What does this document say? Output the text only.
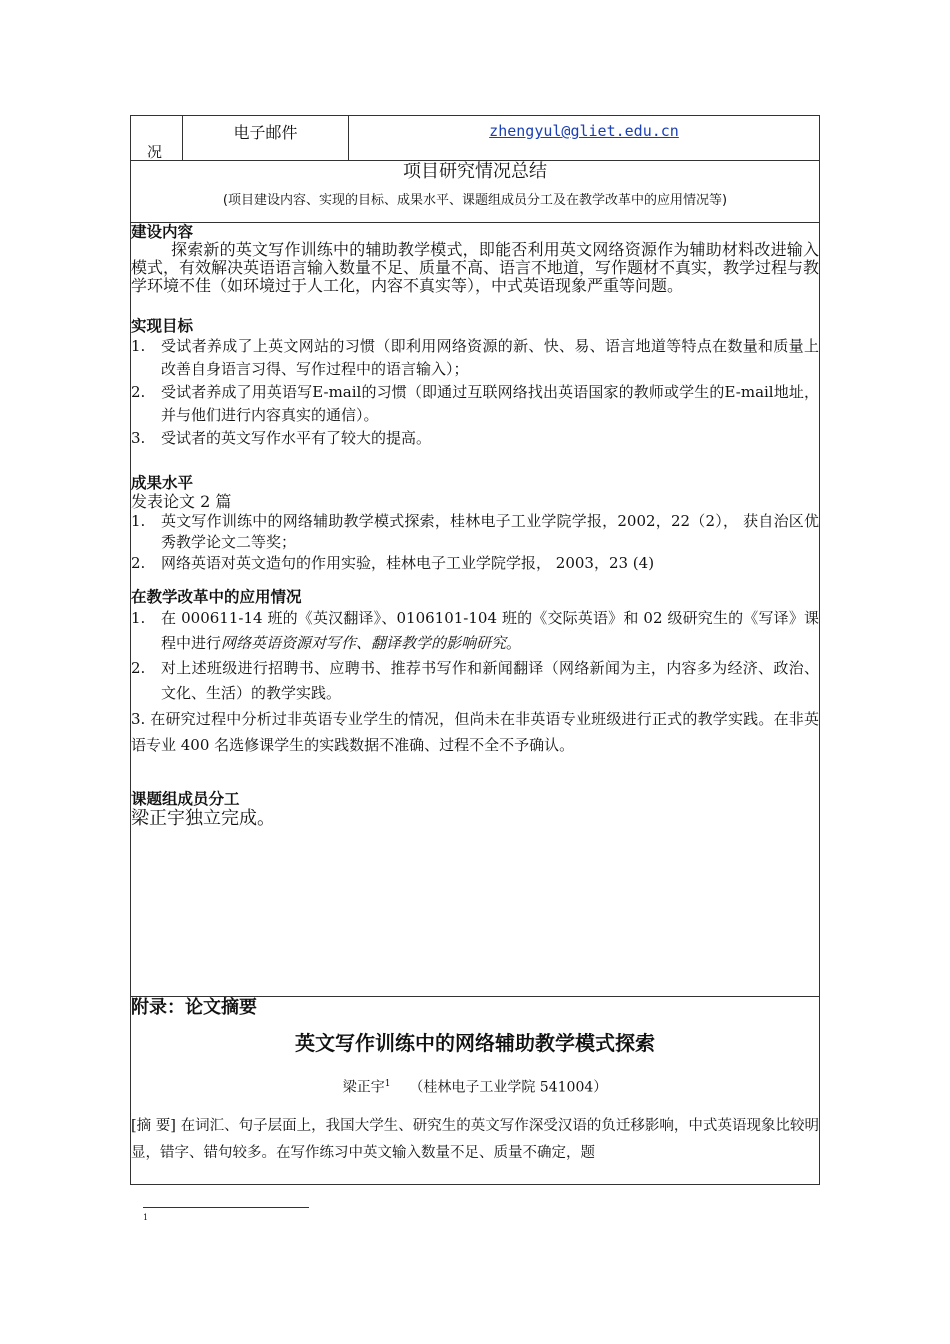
况

电子邮件	zhengyul@gliet.edu.cn

项目研究情况总结
(项目建设内容、实现的目标、成果水平、课题组成员分工及在教学改革中的应用情况等)

建设内容
探索新的英文写作训练中的辅助教学模式，即能否利用英文网络资源作为辅助材料改进输入模式，有效解决英语语言输入数量不足、质量不高、语言不地道，写作题材不真实，教学过程与教学环境不佳（如环境过于人工化，内容不真实等），中式英语现象严重等问题。
实现目标
1. 受试者养成了上英文网站的习惯（即利用网络资源的新、快、易、语言地道等特点在数量和质量上改善自身语言习得、写作过程中的语言输入）；
2. 受试者养成了用英语写E-mail的习惯（即通过互联网络找出英语国家的教师或学生的E-mail地址，并与他们进行内容真实的通信）。
3. 受试者的英文写作水平有了较大的提高。
成果水平
发表论文 2 篇
1. 英文写作训练中的网络辅助教学模式探索，桂林电子工业学院学报，2002，22（2）， 获自治区优秀教学论文二等奖；
2. 网络英语对英文造句的作用实验，桂林电子工业学院学报， 2003，23 (4)
在教学改革中的应用情况
1. 在 000611-14 班的《英汉翻译》、0106101-104 班的《交际英语》和 02 级研究生的《写译》课程中进行网络英语资源对写作、翻译教学的影响研究。
2. 对上述班级进行招聘书、应聘书、推荐书写作和新闻翻译（网络新闻为主，内容多为经济、政治、文化、生活）的教学实践。
3. 在研究过程中分析过非英语专业学生的情况，但尚未在非英语专业班级进行正式的教学实践。在非英语专业 400 名选修课学生的实践数据不准确、过程不全不予确认。
课题组成员分工
梁正宇独立完成。

附录：论文摘要
英文写作训练中的网络辅助教学模式探索
梁正宇$^1$ （桂林电子工业学院 541004）
[摘 要] 在词汇、句子层面上，我国大学生、研究生的英文写作深受汉语的负迁移影响，中式英语现象比较明显，错字、错句较多。在写作练习中英文输入数量不足、质量不确定，题
1
